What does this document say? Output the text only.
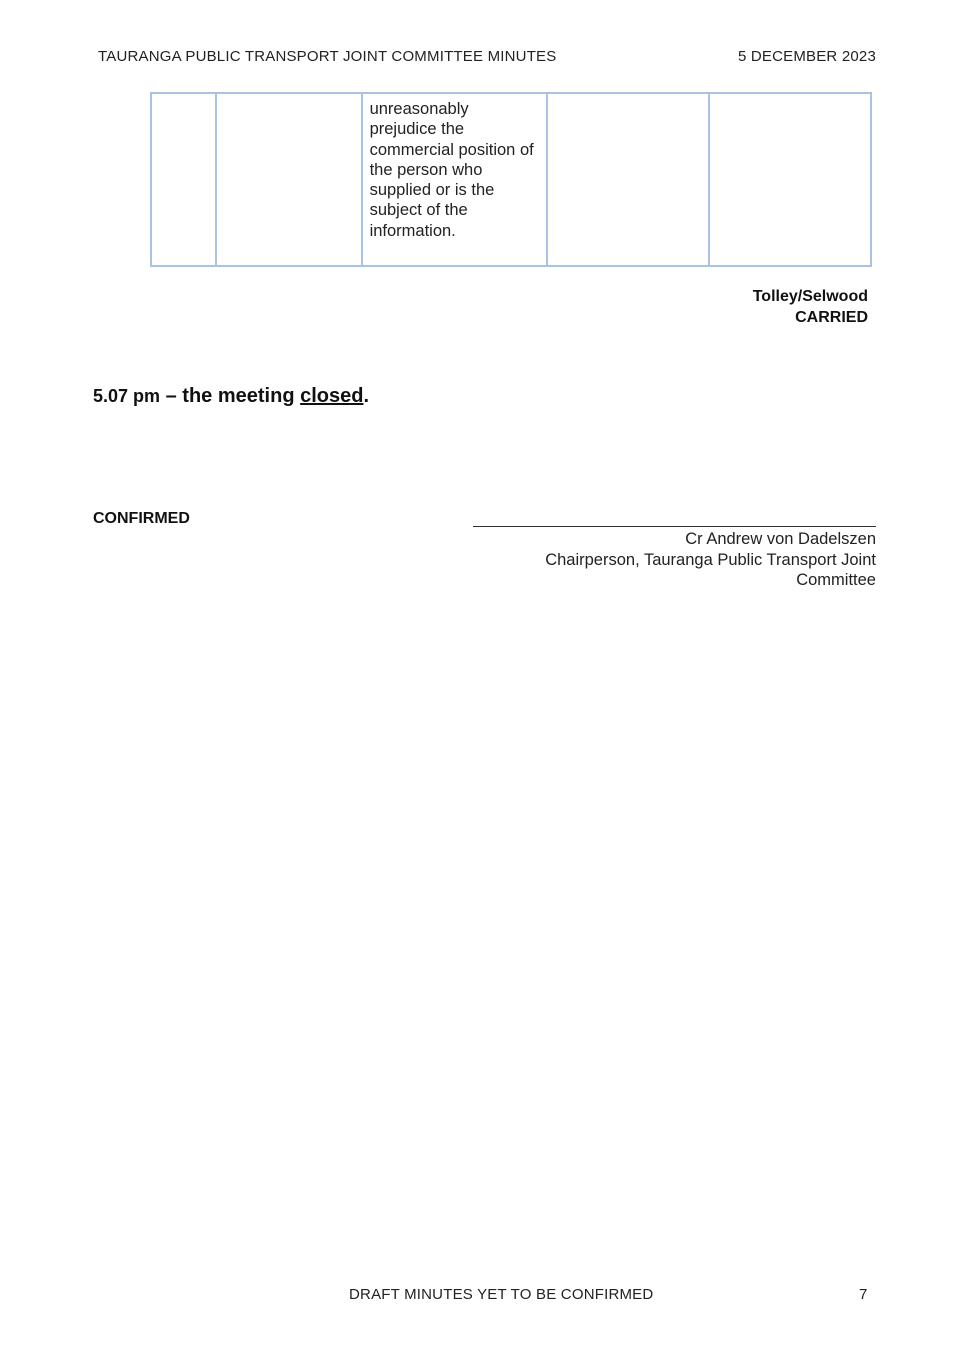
TAURANGA PUBLIC TRANSPORT JOINT COMMITTEE MINUTES	5 DECEMBER 2023
		unreasonably prejudice the commercial position of the person who supplied or is the subject of the information.		
Tolley/Selwood
CARRIED
5.07 pm – the meeting closed.
CONFIRMED
Cr Andrew von Dadelszen
Chairperson, Tauranga Public Transport Joint
Committee
DRAFT MINUTES YET TO BE CONFIRMED	7
